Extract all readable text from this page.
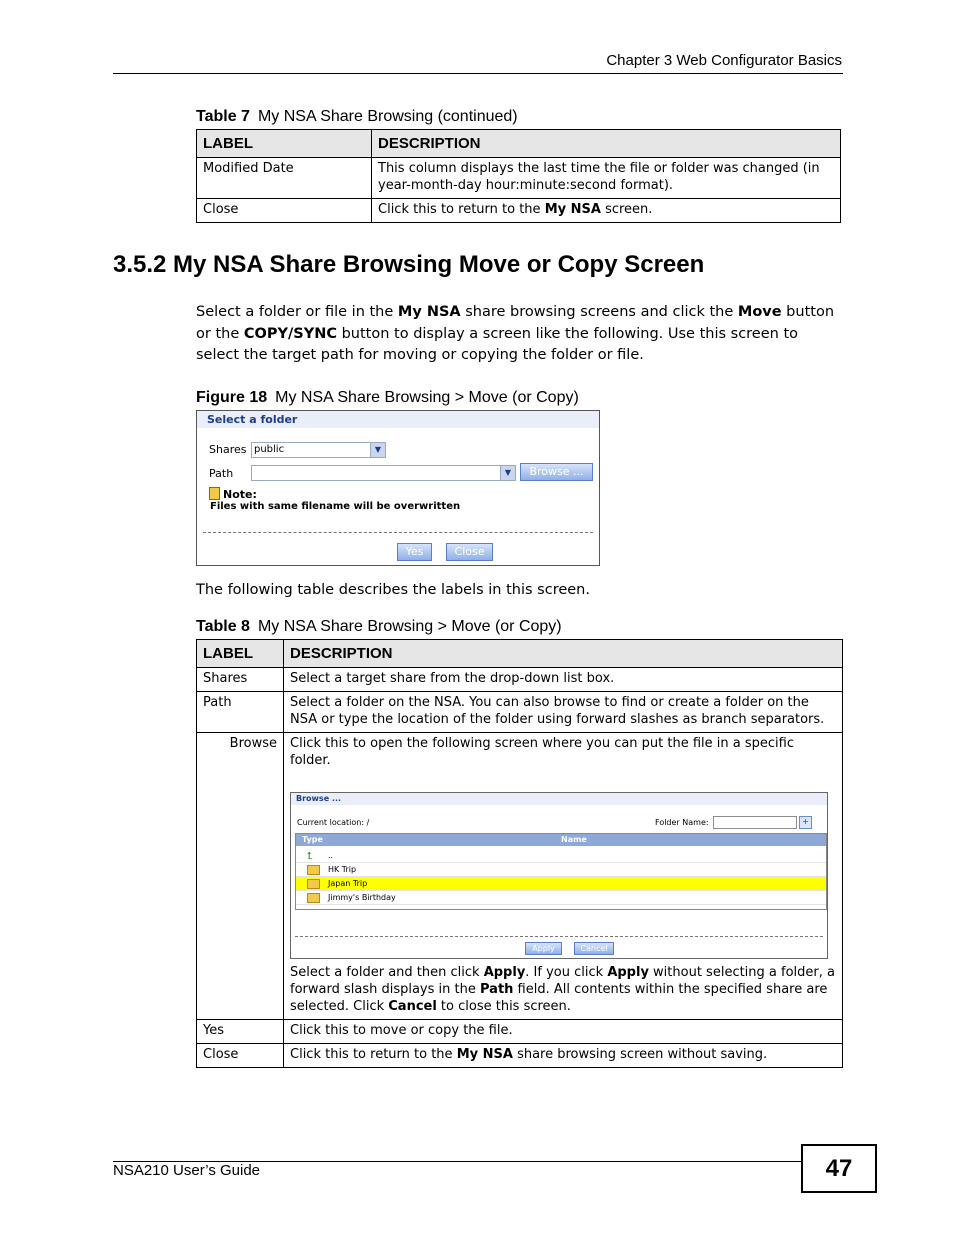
Chapter 3 Web Configurator Basics
Table 7 My NSA Share Browsing (continued)
LABEL	DESCRIPTION
Modified Date	This column displays the last time the file or folder was changed (in year-month-day hour:minute:second format).
Close	Click this to return to the My NSA screen.
3.5.2 My NSA Share Browsing Move or Copy Screen
Select a folder or file in the My NSA share browsing screens and click the Move button or the COPY/SYNC button to display a screen like the following. Use this screen to select the target path for moving or copying the folder or file.
Figure 18 My NSA Share Browsing > Move (or Copy)
Select a folder
Shares public	▼
Path	▼	Browse ...
Note:
Files with same filename will be overwritten
Yes	Close
The following table describes the labels in this screen.
Table 8 My NSA Share Browsing > Move (or Copy)
LABEL	DESCRIPTION
Shares	Select a target share from the drop-down list box.
Path	Select a folder on the NSA. You can also browse to find or create a folder on the NSA or type the location of the folder using forward slashes as branch separators.
Browse	Click this to open the following screen where you can put the file in a specific folder.
Select a folder and then click Apply. If you click Apply without selecting a folder, a forward slash displays in the Path field. All contents within the specified share are selected. Click Cancel to close this screen.

Yes	Click this to move or copy the file.
Close	Click this to return to the My NSA share browsing screen without saving.
Browse ...
Current location: /	Folder Name:	+
Type	Name
⮤ ..
HK Trip
Japan Trip
Jimmy's Birthday
Apply	Cancel
NSA210 User’s Guide	47
